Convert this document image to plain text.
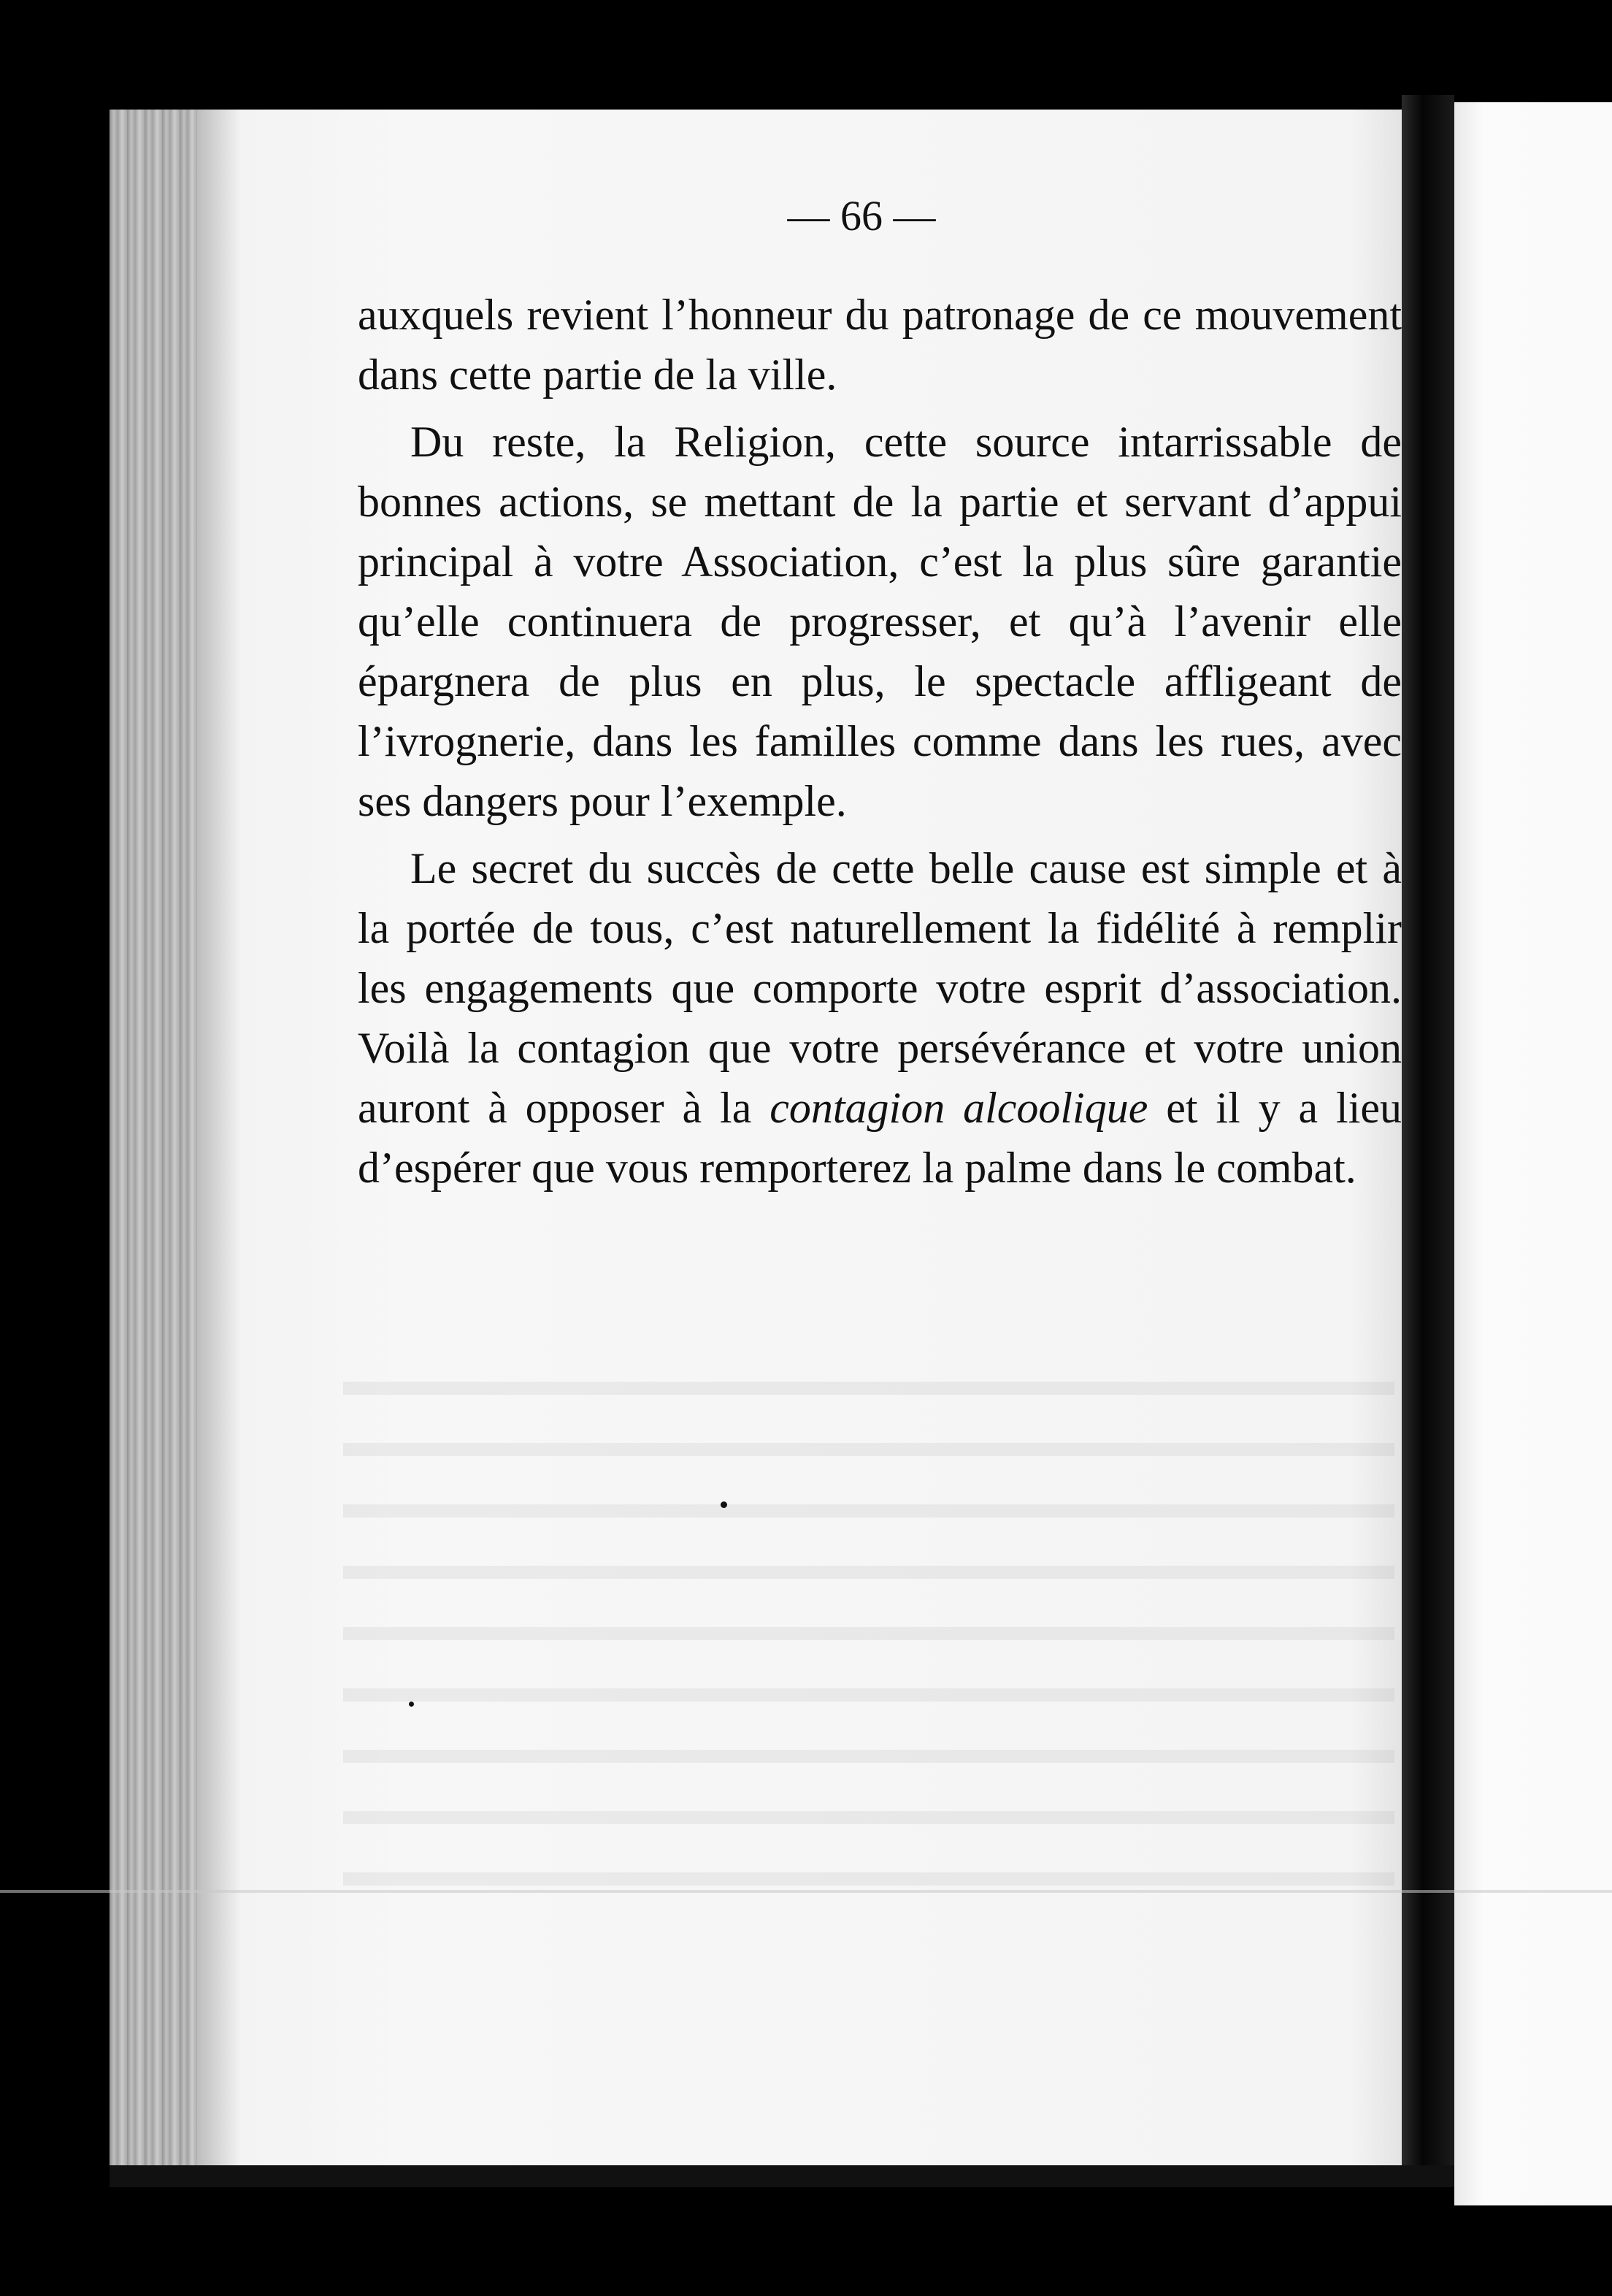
— 66 —

auxquels revient l’honneur du patronage de ce mouvement dans cette partie de la ville.

Du reste, la Religion, cette source intarrissable de bonnes actions, se mettant de la partie et servant d’appui principal à votre Association, c’est la plus sûre garantie qu’elle continuera de progresser, et qu’à l’avenir elle épargnera de plus en plus, le spectacle affligeant de l’ivrognerie, dans les familles comme dans les rues, avec ses dangers pour l’exemple.

Le secret du succès de cette belle cause est simple et à la portée de tous, c’est naturellement la fidélité à remplir les engagements que comporte votre esprit d’association. Voilà la contagion que votre persévérance et votre union auront à opposer à la contagion alcoolique et il y a lieu d’espérer que vous remporterez la palme dans le combat.
